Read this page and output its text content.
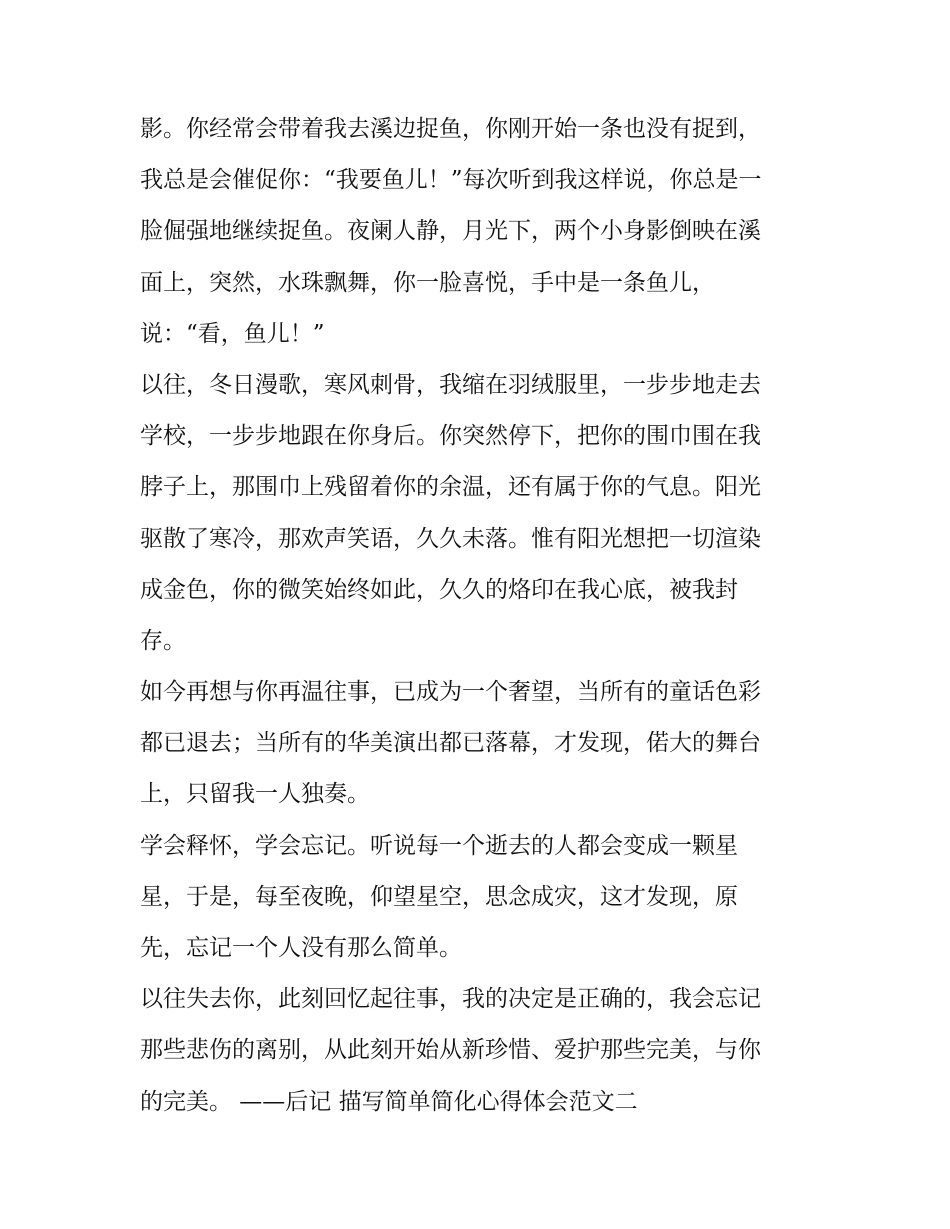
影。你经常会带着我去溪边捉鱼，你刚开始一条也没有捉到，
我总是会催促你：“我要鱼儿！”每次听到我这样说，你总是一
脸倔强地继续捉鱼。夜阑人静，月光下，两个小身影倒映在溪
面上，突然，水珠飘舞，你一脸喜悦，手中是一条鱼儿，
说：“看，鱼儿！”
以往，冬日漫歌，寒风刺骨，我缩在羽绒服里，一步步地走去
学校，一步步地跟在你身后。你突然停下，把你的围巾围在我
脖子上，那围巾上残留着你的余温，还有属于你的气息。阳光
驱散了寒冷，那欢声笑语，久久未落。惟有阳光想把一切渲染
成金色，你的微笑始终如此，久久的烙印在我心底，被我封
存。
如今再想与你再温往事，已成为一个奢望，当所有的童话色彩
都已退去；当所有的华美演出都已落幕，才发现，偌大的舞台
上，只留我一人独奏。
学会释怀，学会忘记。听说每一个逝去的人都会变成一颗星
星，于是，每至夜晚，仰望星空，思念成灾，这才发现，原
先，忘记一个人没有那么简单。
以往失去你，此刻回忆起往事，我的决定是正确的，我会忘记
那些悲伤的离别，从此刻开始从新珍惜、爱护那些完美，与你
的完美。 ——后记 描写简单简化心得体会范文二
